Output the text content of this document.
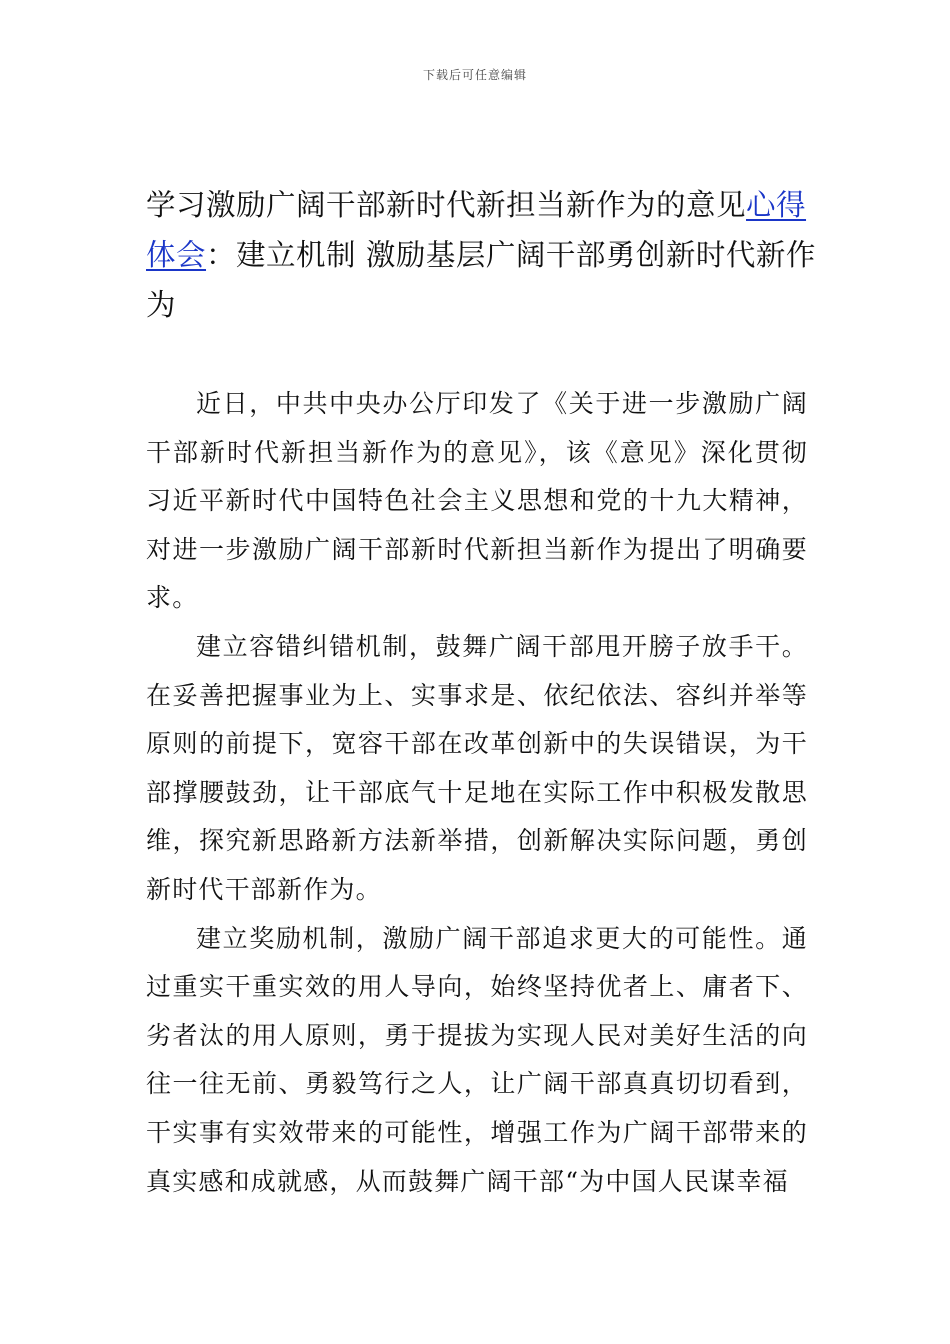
下载后可任意编辑
学习激励广阔干部新时代新担当新作为的意见心得体会：建立机制 激励基层广阔干部勇创新时代新作为

近日，中共中央办公厅印发了《关于进一步激励广阔干部新时代新担当新作为的意见》，该《意见》深化贯彻习近平新时代中国特色社会主义思想和党的十九大精神，对进一步激励广阔干部新时代新担当新作为提出了明确要求。

建立容错纠错机制，鼓舞广阔干部甩开膀子放手干。在妥善把握事业为上、实事求是、依纪依法、容纠并举等原则的前提下，宽容干部在改革创新中的失误错误，为干部撑腰鼓劲，让干部底气十足地在实际工作中积极发散思维，探究新思路新方法新举措，创新解决实际问题，勇创新时代干部新作为。

建立奖励机制，激励广阔干部追求更大的可能性。通过重实干重实效的用人导向，始终坚持优者上、庸者下、劣者汰的用人原则，勇于提拔为实现人民对美好生活的向往一往无前、勇毅笃行之人，让广阔干部真真切切看到，干实事有实效带来的可能性，增强工作为广阔干部带来的真实感和成就感，从而鼓舞广阔干部“为中国人民谋幸福
